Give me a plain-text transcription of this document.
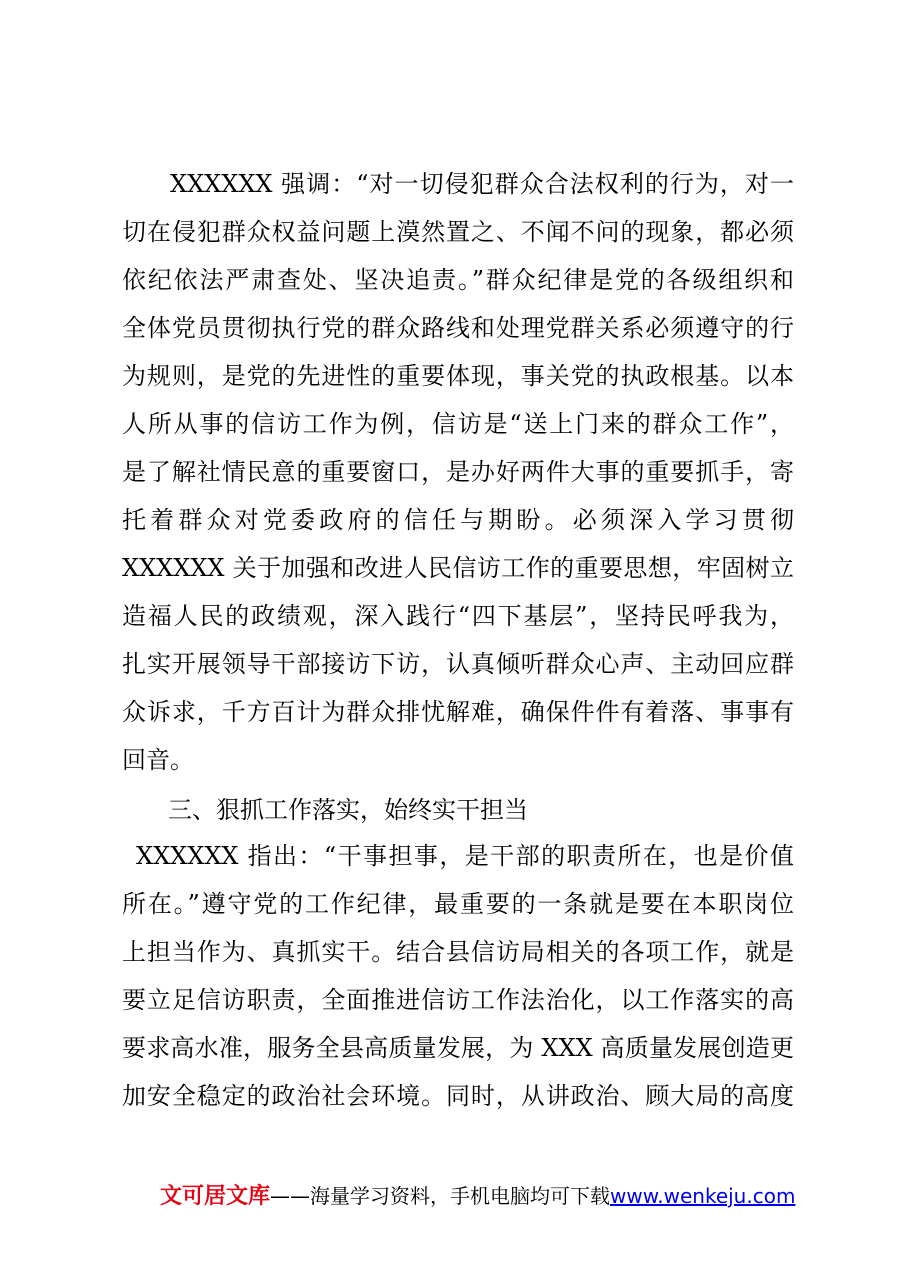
XXXXXX 强调：“对一切侵犯群众合法权利的行为，对一
切在侵犯群众权益问题上漠然置之、不闻不问的现象，都必须
依纪依法严肃查处、坚决追责。”群众纪律是党的各级组织和
全体党员贯彻执行党的群众路线和处理党群关系必须遵守的行
为规则，是党的先进性的重要体现，事关党的执政根基。以本
人所从事的信访工作为例，信访是“送上门来的群众工作”，
是了解社情民意的重要窗口，是办好两件大事的重要抓手，寄
托着群众对党委政府的信任与期盼。必须深入学习贯彻
XXXXXX 关于加强和改进人民信访工作的重要思想，牢固树立
造福人民的政绩观，深入践行“四下基层”，坚持民呼我为，
扎实开展领导干部接访下访，认真倾听群众心声、主动回应群
众诉求，千方百计为群众排忧解难，确保件件有着落、事事有
回音。
三、狠抓工作落实，始终实干担当
XXXXXX 指出：“干事担事，是干部的职责所在，也是价值
所在。”遵守党的工作纪律，最重要的一条就是要在本职岗位
上担当作为、真抓实干。结合县信访局相关的各项工作，就是
要立足信访职责，全面推进信访工作法治化，以工作落实的高
要求高水准，服务全县高质量发展，为 XXX 高质量发展创造更
加安全稳定的政治社会环境。同时，从讲政治、顾大局的高度
文可居文库——海量学习资料，手机电脑均可下载www.wenkeju.com
